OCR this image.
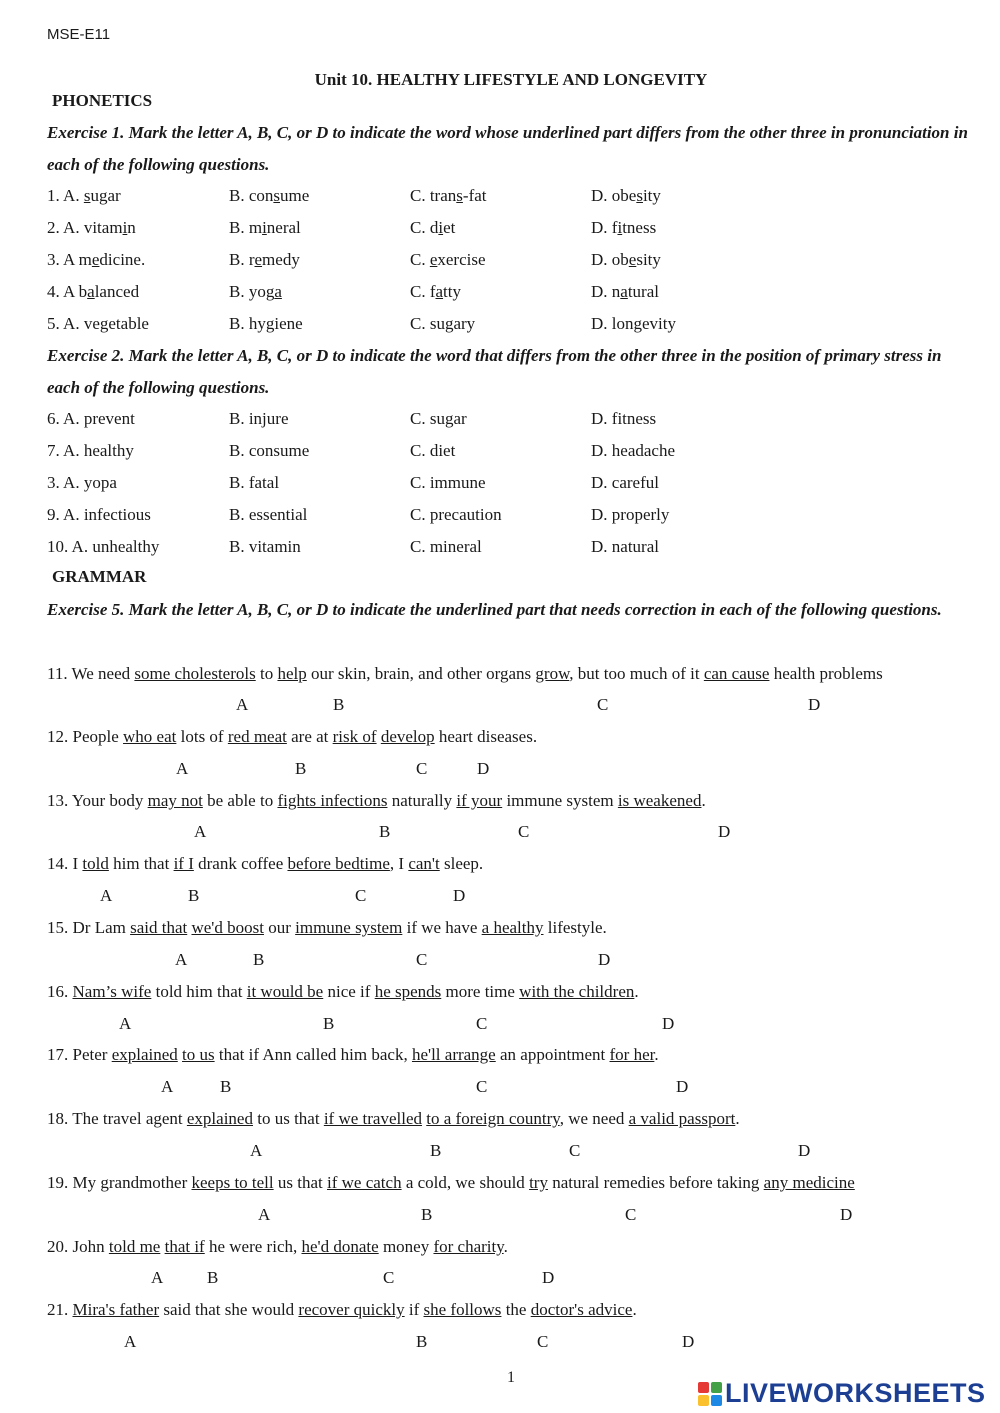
MSE-E11
Unit 10. HEALTHY LIFESTYLE AND LONGEVITY
PHONETICS
Exercise 1. Mark the letter A, B, C, or D to indicate the word whose underlined part differs from the other three in pronunciation in each of the following questions.
1. A. sugar	B. consume	C. trans-fat	D. obesity
2. A. vitamin	B. mineral	C. diet	D. fitness
3. A medicine.	B. remedy	C. exercise	D. obesity
4. A balanced	B. yoga	C. fatty	D. natural
5. A. vegetable	B. hygiene	C. sugary	D. longevity
Exercise 2. Mark the letter A, B, C, or D to indicate the word that differs from the other three in the position of primary stress in each of the following questions.
6. A. prevent	B. injure	C. sugar	D. fitness
7. A. healthy	B. consume	C. diet	D. headache
3. A. yopa	B. fatal	C. immune	D. careful
9. A. infectious	B. essential	C. precaution	D. properly
10. A. unhealthy	B. vitamin	C. mineral	D. natural
GRAMMAR
Exercise 5. Mark the letter A, B, C, or D to indicate the underlined part that needs correction in each of the following questions.
11. We need some cholesterols to help our skin, brain, and other organs grow, but too much of it can cause health problems
A	B	C	D
12. People who eat lots of red meat are at risk of develop heart diseases.
A	B	C	D
13. Your body may not be able to fights infections naturally if your immune system is weakened.
A	B	C	D
14. I told him that if I drank coffee before bedtime, I can't sleep.
A	B	C	D
15. Dr Lam said that we'd boost our immune system if we have a healthy lifestyle.
A	B	C	D
16. Nam’s wife told him that it would be nice if he spends more time with the children.
A	B	C	D
17. Peter explained to us that if Ann called him back, he'll arrange an appointment for her.
A	B	C	D
18. The travel agent explained to us that if we travelled to a foreign country, we need a valid passport.
A	B	C	D
19. My grandmother keeps to tell us that if we catch a cold, we should try natural remedies before taking any medicine
A	B	C	D
20. John told me that if he were rich, he'd donate money for charity.
A	B	C	D
21. Mira's father said that she would recover quickly if she follows the doctor's advice.
A	B	C	D
1
LIVEWORKSHEETS
